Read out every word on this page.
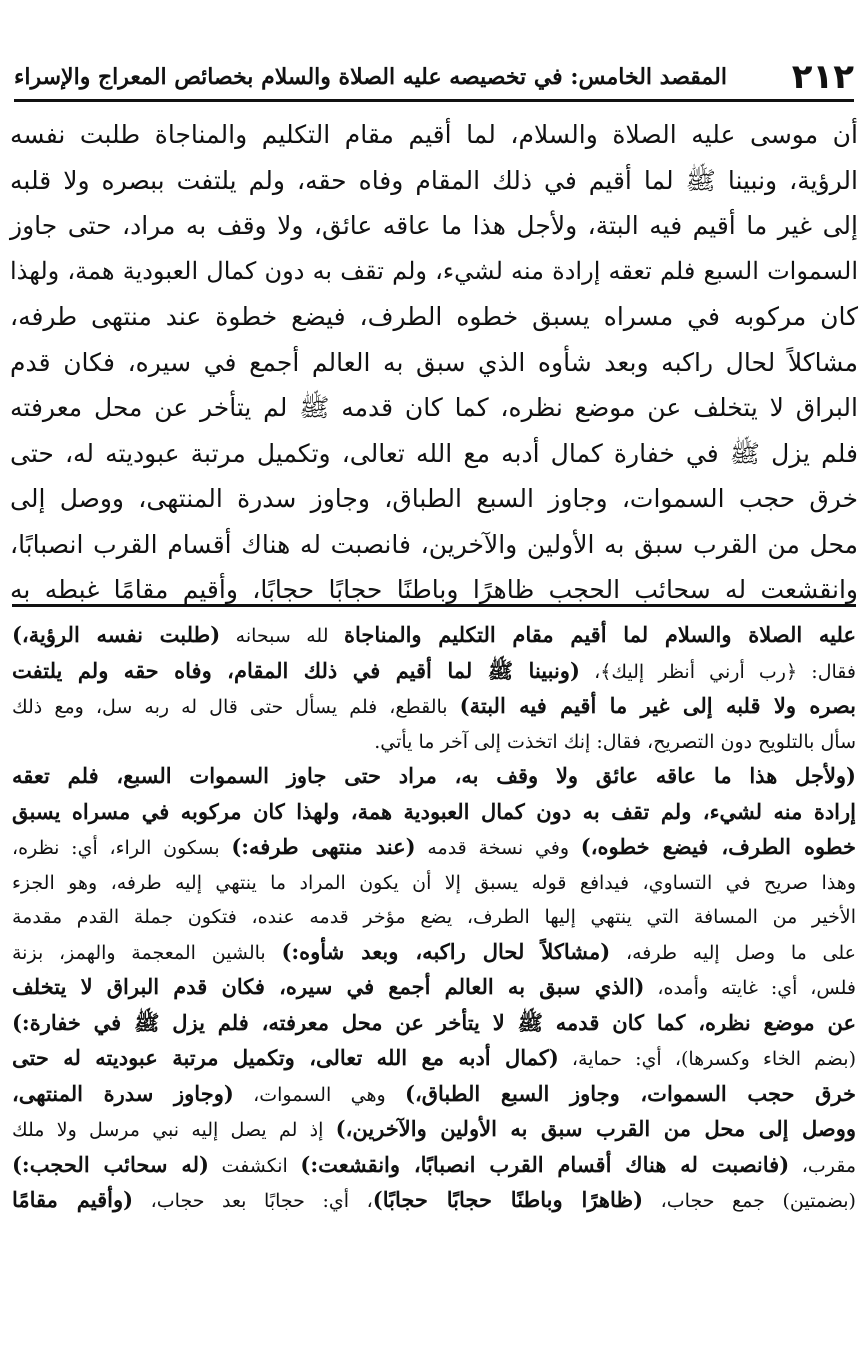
٢١٢
المقصد الخامس: في تخصيصه عليه الصلاة والسلام بخصائص المعراج والإسراء

أن موسى عليه الصلاة والسلام، لما أقيم مقام التكليم والمناجاة طلبت نفسه
الرؤية، ونبينا ﷺ لما أقيم في ذلك المقام وفاه حقه، ولم يلتفت ببصره ولا قلبه
إلى غير ما أقيم فيه البتة، ولأجل هذا ما عاقه عائق، ولا وقف به مراد، حتى جاوز
السموات السبع فلم تعقه إرادة منه لشيء، ولم تقف به دون كمال العبودية همة، ولهذا
كان مركوبه في مسراه يسبق خطوه الطرف، فيضع خطوة عند منتهى طرفه،
مشاكلاً لحال راكبه وبعد شأوه الذي سبق به العالم أجمع في سيره، فكان قدم
البراق لا يتخلف عن موضع نظره، كما كان قدمه ﷺ لم يتأخر عن محل معرفته
فلم يزل ﷺ في خفارة كمال أدبه مع الله تعالى، وتكميل مرتبة عبوديته له، حتى
خرق حجب السموات، وجاوز السبع الطباق، وجاوز سدرة المنتهى، ووصل إلى
محل من القرب سبق به الأولين والآخرين، فانصبت له هناك أقسام القرب انصبابًا،
وانقشعت له سحائب الحجب ظاهرًا وباطنًا حجابًا حجابًا، وأقيم مقامًا غبطه به

عليه الصلاة والسلام لما أقيم مقام التكليم والمناجاة لله سبحانه (طلبت نفسه الرؤية،)
فقال: ﴿رب أرني أنظر إليك﴾، (ونبينا ﷺ لما أقيم في ذلك المقام، وفاه حقه ولم يلتفت
بصره ولا قلبه إلى غير ما أقيم فيه البتة) بالقطع، فلم يسأل حتى قال له ربه سل، ومع ذلك
سأل بالتلويح دون التصريح، فقال: إنك اتخذت إلى آخر ما يأتي.
(ولأجل هذا ما عاقه عائق ولا وقف به، مراد حتى جاوز السموات السبع، فلم تعقه
إرادة منه لشيء، ولم تقف به دون كمال العبودية همة، ولهذا كان مركوبه في مسراه يسبق
خطوه الطرف، فيضع خطوه،) وفي نسخة قدمه (عند منتهى طرفه:) بسكون الراء، أي: نظره،
وهذا صريح في التساوي، فيدافع قوله يسبق إلا أن يكون المراد ما ينتهي إليه طرفه، وهو الجزء
الأخير من المسافة التي ينتهي إليها الطرف، يضع مؤخر قدمه عنده، فتكون جملة القدم مقدمة
على ما وصل إليه طرفه، (مشاكلاً لحال راكبه، وبعد شأوه:) بالشين المعجمة والهمز، بزنة
فلس، أي: غايته وأمده، (الذي سبق به العالم أجمع في سيره، فكان قدم البراق لا يتخلف
عن موضع نظره، كما كان قدمه ﷺ لا يتأخر عن محل معرفته، فلم يزل ﷺ في خفارة:)
(بضم الخاء وكسرها)، أي: حماية، (كمال أدبه مع الله تعالى، وتكميل مرتبة عبوديته له حتى
خرق حجب السموات، وجاوز السبع الطباق،) وهي السموات، (وجاوز سدرة المنتهى،
ووصل إلى محل من القرب سبق به الأولين والآخرين،) إذ لم يصل إليه نبي مرسل ولا ملك
مقرب، (فانصبت له هناك أقسام القرب انصبابًا، وانقشعت:) انكشفت (له سحائب الحجب:)
(بضمتين) جمع حجاب، (ظاهرًا وباطنًا حجابًا حجابًا)، أي: حجابًا بعد حجاب، (وأقيم مقامًا
